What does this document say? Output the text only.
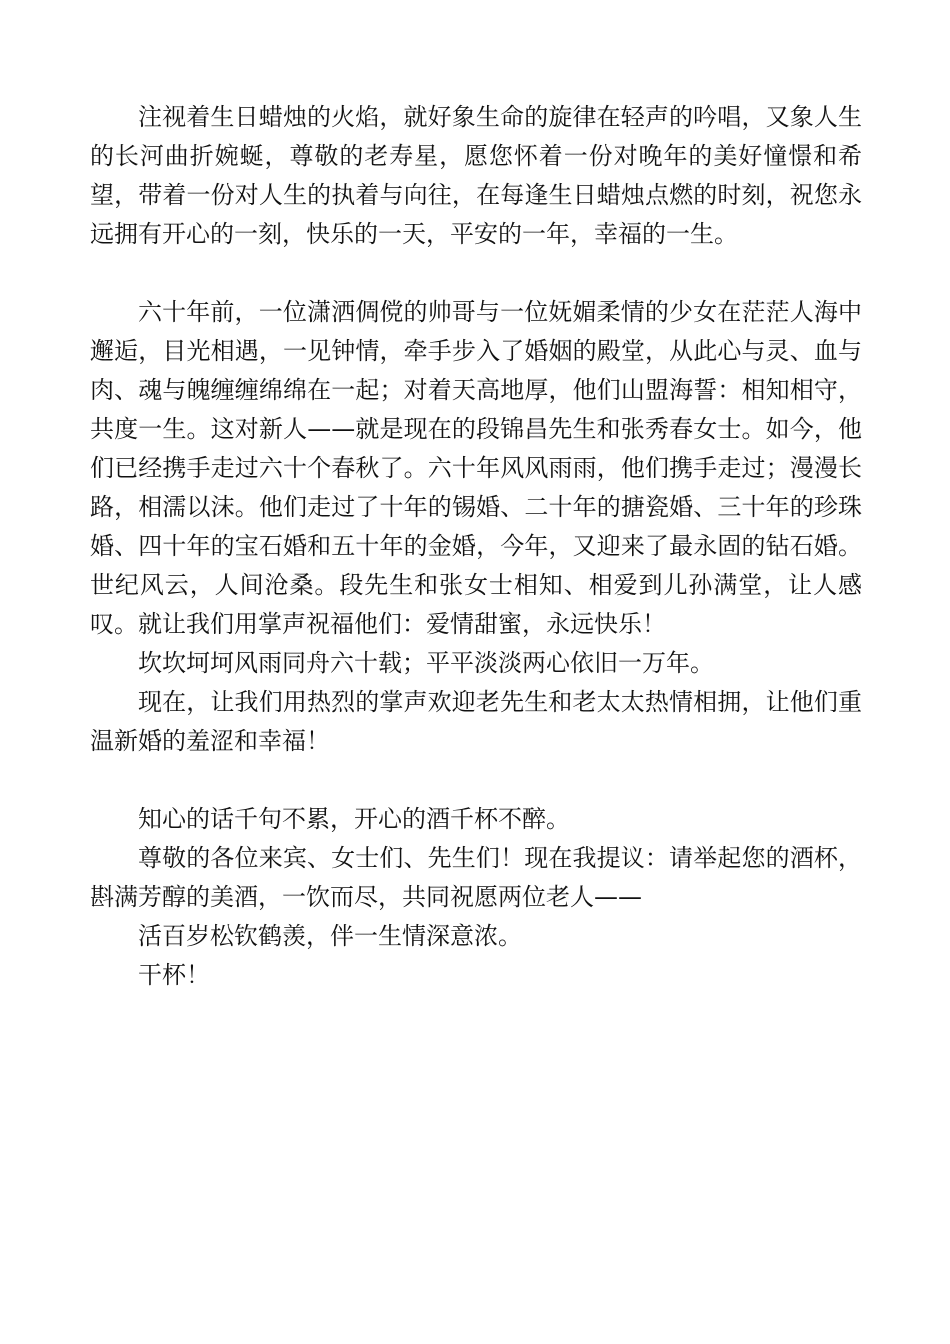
注视着生日蜡烛的火焰，就好象生命的旋律在轻声的吟唱，又象人生的长河曲折婉蜒，尊敬的老寿星，愿您怀着一份对晚年的美好憧憬和希望，带着一份对人生的执着与向往，在每逢生日蜡烛点燃的时刻，祝您永远拥有开心的一刻，快乐的一天，平安的一年，幸福的一生。

六十年前，一位潇洒倜傥的帅哥与一位妩媚柔情的少女在茫茫人海中邂逅，目光相遇，一见钟情，牵手步入了婚姻的殿堂，从此心与灵、血与肉、魂与魄缠缠绵绵在一起；对着天高地厚，他们山盟海誓：相知相守，共度一生。这对新人——就是现在的段锦昌先生和张秀春女士。如今，他们已经携手走过六十个春秋了。六十年风风雨雨，他们携手走过；漫漫长路，相濡以沫。他们走过了十年的锡婚、二十年的搪瓷婚、三十年的珍珠婚、四十年的宝石婚和五十年的金婚，今年，又迎来了最永固的钻石婚。世纪风云，人间沧桑。段先生和张女士相知、相爱到儿孙满堂，让人感叹。就让我们用掌声祝福他们：爱情甜蜜，永远快乐！

坎坎坷坷风雨同舟六十载；平平淡淡两心依旧一万年。

现在，让我们用热烈的掌声欢迎老先生和老太太热情相拥，让他们重温新婚的羞涩和幸福！

知心的话千句不累，开心的酒千杯不醉。

尊敬的各位来宾、女士们、先生们！现在我提议：请举起您的酒杯，斟满芳醇的美酒，一饮而尽，共同祝愿两位老人——

活百岁松钦鹤羡，伴一生情深意浓。

干杯！
